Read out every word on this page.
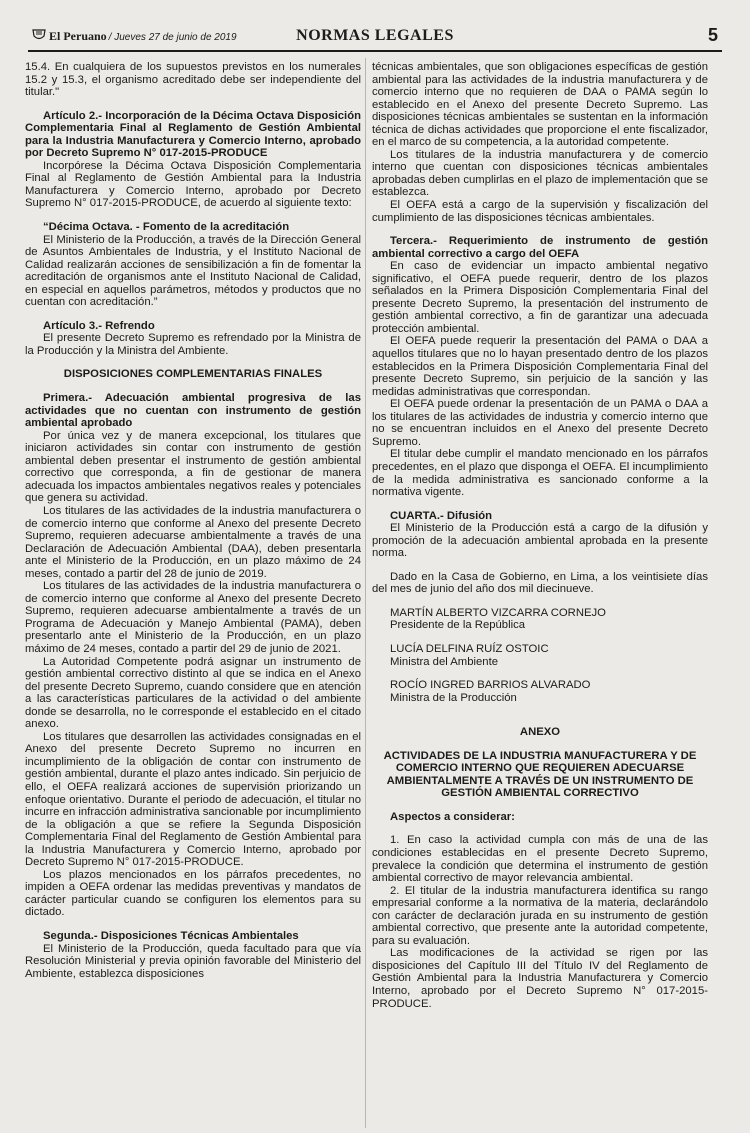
El Peruano / Jueves 27 de junio de 2019	NORMAS LEGALES	5

15.4. En cualquiera de los supuestos previstos en los numerales 15.2 y 15.3, el organismo acreditado debe ser independiente del titular."

Artículo 2.- Incorporación de la Décima Octava Disposición Complementaria Final al Reglamento de Gestión Ambiental para la Industria Manufacturera y Comercio Interno, aprobado por Decreto Supremo N° 017-2015-PRODUCE

Incorpórese la Décima Octava Disposición Complementaria Final al Reglamento de Gestión Ambiental para la Industria Manufacturera y Comercio Interno, aprobado por Decreto Supremo N° 017-2015-PRODUCE, de acuerdo al siguiente texto:

“Décima Octava. - Fomento de la acreditación

El Ministerio de la Producción, a través de la Dirección General de Asuntos Ambientales de Industria, y el Instituto Nacional de Calidad realizarán acciones de sensibilización a fin de fomentar la acreditación de organismos ante el Instituto Nacional de Calidad, en especial en aquellos parámetros, métodos y productos que no cuentan con acreditación.”

Artículo 3.- Refrendo

El presente Decreto Supremo es refrendado por la Ministra de la Producción y la Ministra del Ambiente.

DISPOSICIONES COMPLEMENTARIAS FINALES

Primera.- Adecuación ambiental progresiva de las actividades que no cuentan con instrumento de gestión ambiental aprobado

Por única vez y de manera excepcional, los titulares que iniciaron actividades sin contar con instrumento de gestión ambiental deben presentar el instrumento de gestión ambiental correctivo que corresponda, a fin de gestionar de manera adecuada los impactos ambientales negativos reales y potenciales que genera su actividad.

Los titulares de las actividades de la industria manufacturera o de comercio interno que conforme al Anexo del presente Decreto Supremo, requieren adecuarse ambientalmente a través de una Declaración de Adecuación Ambiental (DAA), deben presentarla ante el Ministerio de la Producción, en un plazo máximo de 24 meses, contado a partir del 28 de junio de 2019.

Los titulares de las actividades de la industria manufacturera o de comercio interno que conforme al Anexo del presente Decreto Supremo, requieren adecuarse ambientalmente a través de un Programa de Adecuación y Manejo Ambiental (PAMA), deben presentarlo ante el Ministerio de la Producción, en un plazo máximo de 24 meses, contado a partir del 29 de junio de 2021.

La Autoridad Competente podrá asignar un instrumento de gestión ambiental correctivo distinto al que se indica en el Anexo del presente Decreto Supremo, cuando considere que en atención a las características particulares de la actividad o del ambiente donde se desarrolla, no le corresponde el establecido en el citado anexo.

Los titulares que desarrollen las actividades consignadas en el Anexo del presente Decreto Supremo no incurren en incumplimiento de la obligación de contar con instrumento de gestión ambiental, durante el plazo antes indicado. Sin perjuicio de ello, el OEFA realizará acciones de supervisión priorizando un enfoque orientativo. Durante el periodo de adecuación, el titular no incurre en infracción administrativa sancionable por incumplimiento de la obligación a que se refiere la Segunda Disposición Complementaria Final del Reglamento de Gestión Ambiental para la Industria Manufacturera y Comercio Interno, aprobado por Decreto Supremo N° 017-2015-PRODUCE.

Los plazos mencionados en los párrafos precedentes, no impiden a OEFA ordenar las medidas preventivas y mandatos de carácter particular cuando se configuren los elementos para su dictado.

Segunda.- Disposiciones Técnicas Ambientales

El Ministerio de la Producción, queda facultado para que vía Resolución Ministerial y previa opinión favorable del Ministerio del Ambiente, establezca disposiciones

técnicas ambientales, que son obligaciones específicas de gestión ambiental para las actividades de la industria manufacturera y de comercio interno que no requieren de DAA o PAMA según lo establecido en el Anexo del presente Decreto Supremo. Las disposiciones técnicas ambientales se sustentan en la información técnica de dichas actividades que proporcione el ente fiscalizador, en el marco de su competencia, a la autoridad competente.

Los titulares de la industria manufacturera y de comercio interno que cuentan con disposiciones técnicas ambientales aprobadas deben cumplirlas en el plazo de implementación que se establezca.

El OEFA está a cargo de la supervisión y fiscalización del cumplimiento de las disposiciones técnicas ambientales.

Tercera.- Requerimiento de instrumento de gestión ambiental correctivo a cargo del OEFA

En caso de evidenciar un impacto ambiental negativo significativo, el OEFA puede requerir, dentro de los plazos señalados en la Primera Disposición Complementaria Final del presente Decreto Supremo, la presentación del instrumento de gestión ambiental correctivo, a fin de garantizar una adecuada protección ambiental.

El OEFA puede requerir la presentación del PAMA o DAA a aquellos titulares que no lo hayan presentado dentro de los plazos establecidos en la Primera Disposición Complementaria Final del presente Decreto Supremo, sin perjuicio de la sanción y las medidas administrativas que correspondan.

El OEFA puede ordenar la presentación de un PAMA o DAA a los titulares de las actividades de industria y comercio interno que no se encuentran incluidos en el Anexo del presente Decreto Supremo.

El titular debe cumplir el mandato mencionado en los párrafos precedentes, en el plazo que disponga el OEFA. El incumplimiento de la medida administrativa es sancionado conforme a la normativa vigente.

CUARTA.- Difusión

El Ministerio de la Producción está a cargo de la difusión y promoción de la adecuación ambiental aprobada en la presente norma.

Dado en la Casa de Gobierno, en Lima, a los veintisiete días del mes de junio del año dos mil diecinueve.

MARTÍN ALBERTO VIZCARRA CORNEJO

Presidente de la República

LUCÍA DELFINA RUÍZ OSTOIC

Ministra del Ambiente

ROCÍO INGRED BARRIOS ALVARADO

Ministra de la Producción

ANEXO

ACTIVIDADES DE LA INDUSTRIA MANUFACTURERA Y DE COMERCIO INTERNO QUE REQUIEREN ADECUARSE AMBIENTALMENTE A TRAVÉS DE UN INSTRUMENTO DE GESTIÓN AMBIENTAL CORRECTIVO

Aspectos a considerar:

1. En caso la actividad cumpla con más de una de las condiciones establecidas en el presente Decreto Supremo, prevalece la condición que determina el instrumento de gestión ambiental correctivo de mayor relevancia ambiental.

2. El titular de la industria manufacturera identifica su rango empresarial conforme a la normativa de la materia, declarándolo con carácter de declaración jurada en su instrumento de gestión ambiental correctivo, que presente ante la autoridad competente, para su evaluación.

Las modificaciones de la actividad se rigen por las disposiciones del Capítulo III del Título IV del Reglamento de Gestión Ambiental para la Industria Manufacturera y Comercio Interno, aprobado por el Decreto Supremo N° 017-2015-PRODUCE.
